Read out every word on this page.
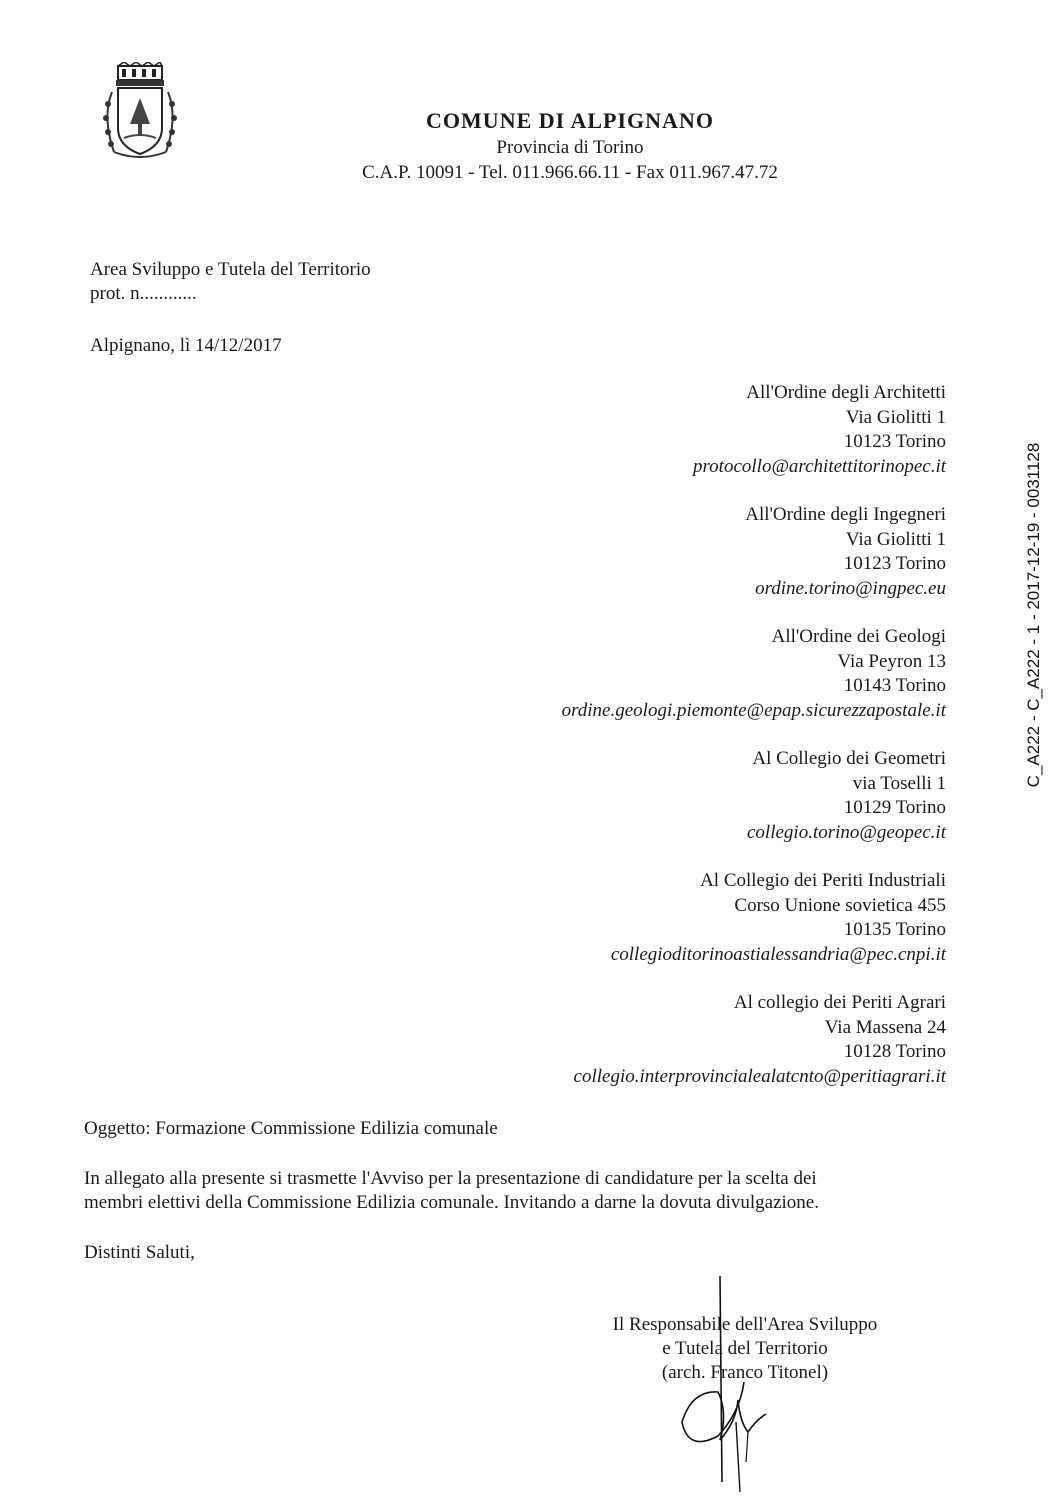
COMUNE DI ALPIGNANO
Provincia di Torino
C.A.P. 10091 - Tel. 011.966.66.11 - Fax 011.967.47.72
Area Sviluppo e Tutela del Territorio
prot. n............
Alpignano, lì 14/12/2017
All'Ordine degli Architetti
Via Giolitti 1
10123 Torino
protocollo@architettitorinopec.it
All'Ordine degli Ingegneri
Via Giolitti 1
10123 Torino
ordine.torino@ingpec.eu
All'Ordine dei Geologi
Via Peyron 13
10143 Torino
ordine.geologi.piemonte@epap.sicurezzapostale.it
Al Collegio dei Geometri
via Toselli 1
10129 Torino
collegio.torino@geopec.it
Al Collegio dei Periti Industriali
Corso Unione sovietica 455
10135 Torino
collegioditorinoastialessandria@pec.cnpi.it
Al collegio dei Periti Agrari
Via Massena 24
10128 Torino
collegio.interprovincialealatcnto@peritiagrari.it
Oggetto: Formazione Commissione Edilizia comunale
In allegato alla presente si trasmette l'Avviso per la presentazione di candidature per la scelta dei
membri elettivi della Commissione Edilizia comunale. Invitando a darne la dovuta divulgazione.
Distinti Saluti,
Il Responsabile dell'Area Sviluppo
e Tutela del Territorio
(arch. Franco Titonel)
C_A222 - C_A222 - 1 - 2017-12-19 - 0031128
